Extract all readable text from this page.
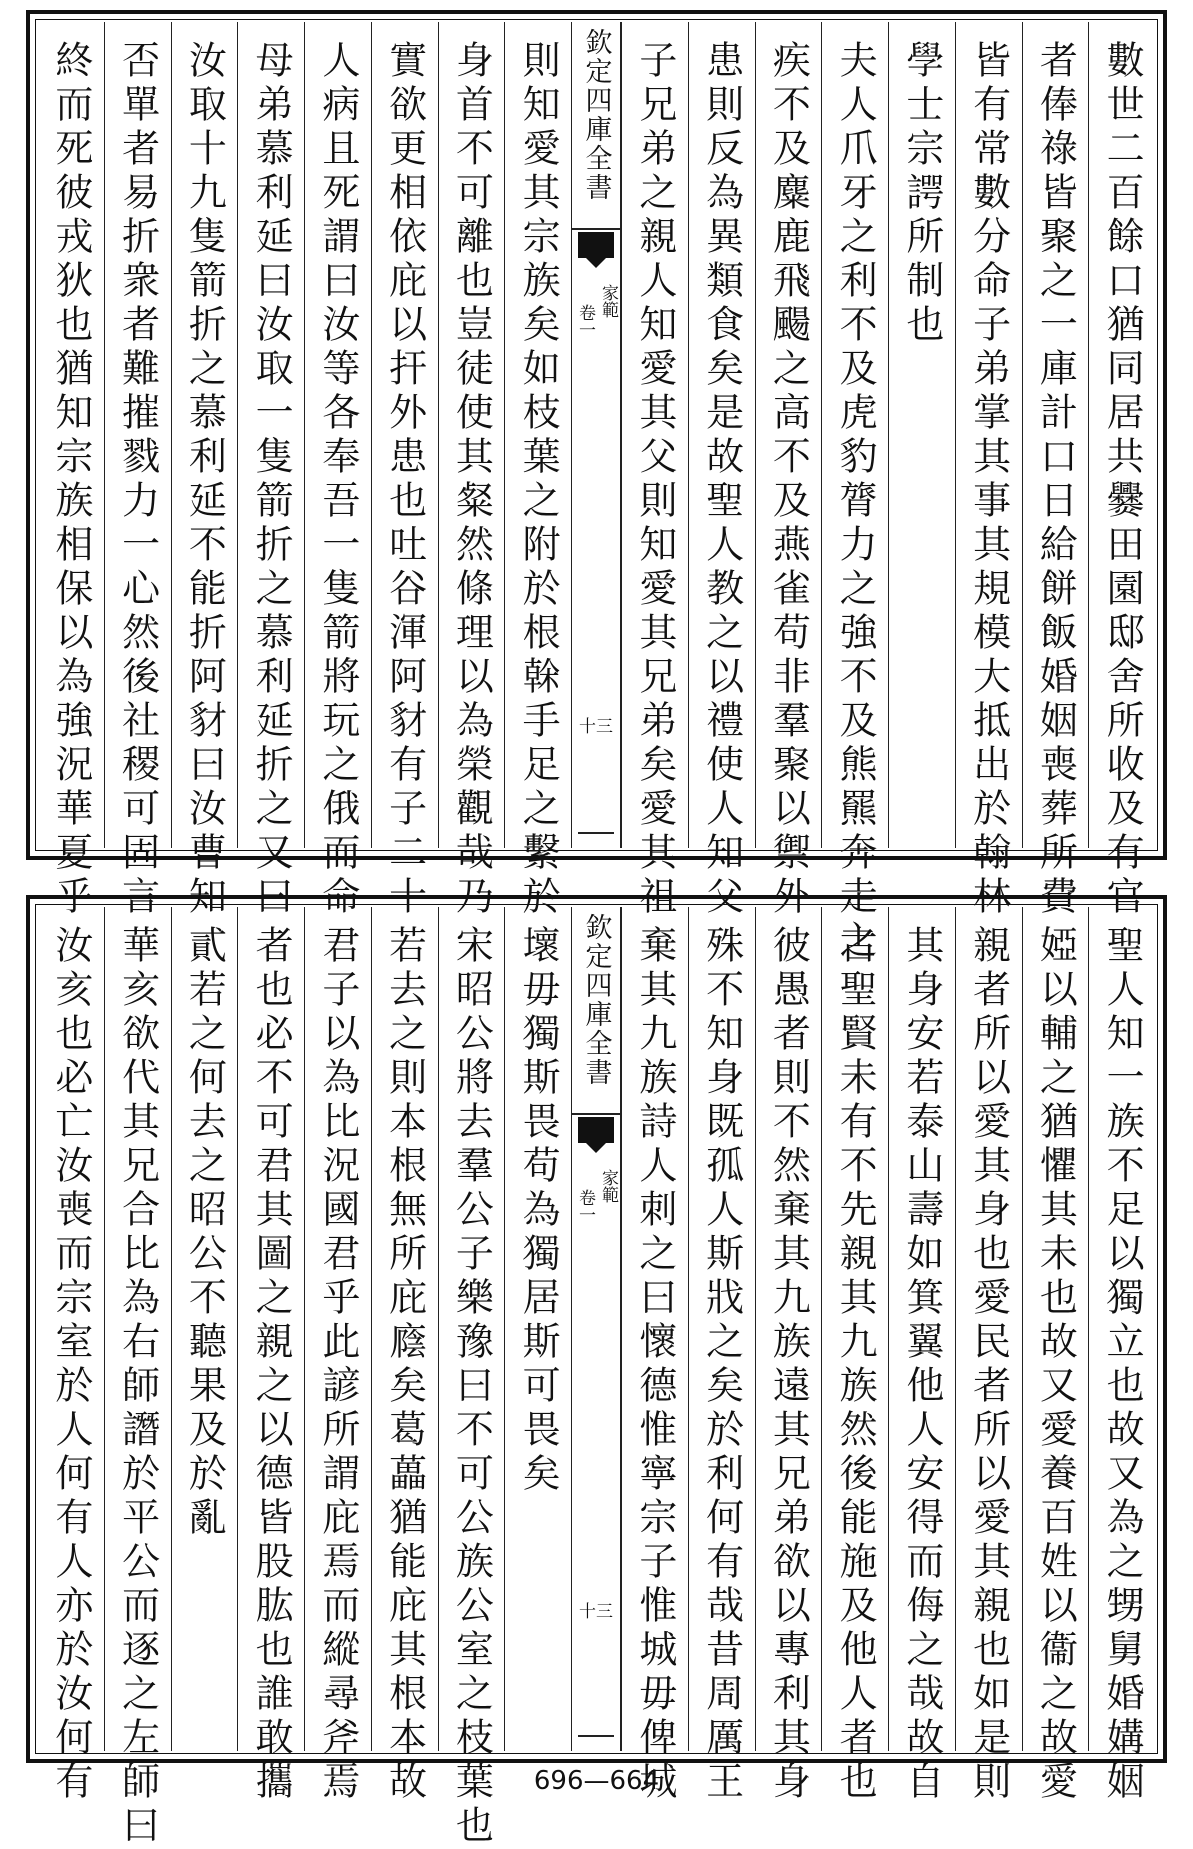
數世二百餘口猶同居共爨田園邸舍所收及有官
者俸祿皆聚之一庫計口日給餅飯婚姻喪葬所費
皆有常數分命子弟掌其事其規模大抵出於翰林
學士宗諤所制也
夫人爪牙之利不及虎豹膂力之強不及熊羆奔走之
疾不及麋鹿飛颺之高不及燕雀苟非羣聚以禦外
患則反為異類食矣是故聖人教之以禮使人知父
子兄弟之親人知愛其父則知愛其兄弟矣愛其祖
欽定四庫全書
家範
卷一
十三
則知愛其宗族矣如枝葉之附於根榦手足之繫於
身首不可離也豈徒使其粲然條理以為榮觀哉乃
實欲更相依庇以扞外患也吐谷渾阿豺有子二十
人病且死謂曰汝等各奉吾一隻箭將玩之俄而命
母弟慕利延曰汝取一隻箭折之慕利延折之又曰
汝取十九隻箭折之慕利延不能折阿豺曰汝曹知
否單者易折衆者難摧戮力一心然後社稷可固言
終而死彼戎狄也猶知宗族相保以為強況華夏乎
聖人知一族不足以獨立也故又為之甥舅婚媾姻
婭以輔之猶懼其未也故又愛養百姓以衞之故愛
親者所以愛其身也愛民者所以愛其親也如是則
其身安若泰山壽如箕翼他人安得而侮之哉故自
古聖賢未有不先親其九族然後能施及他人者也
彼愚者則不然棄其九族遠其兄弟欲以專利其身
殊不知身既孤人斯戕之矣於利何有哉昔周厲王
棄其九族詩人刺之曰懷德惟寧宗子惟城毋俾城
欽定四庫全書
家範
卷一
十三
壞毋獨斯畏苟為獨居斯可畏矣
宋昭公將去羣公子樂豫曰不可公族公室之枝葉也
若去之則本根無所庇廕矣葛藟猶能庇其根本故
君子以為比況國君乎此諺所謂庇焉而縱尋斧焉
者也必不可君其圖之親之以德皆股肱也誰敢攜
貳若之何去之昭公不聽果及於亂
華亥欲代其兄合比為右師譖於平公而逐之左師曰
汝亥也必亡汝喪而宗室於人何有人亦於汝何有	696—664
